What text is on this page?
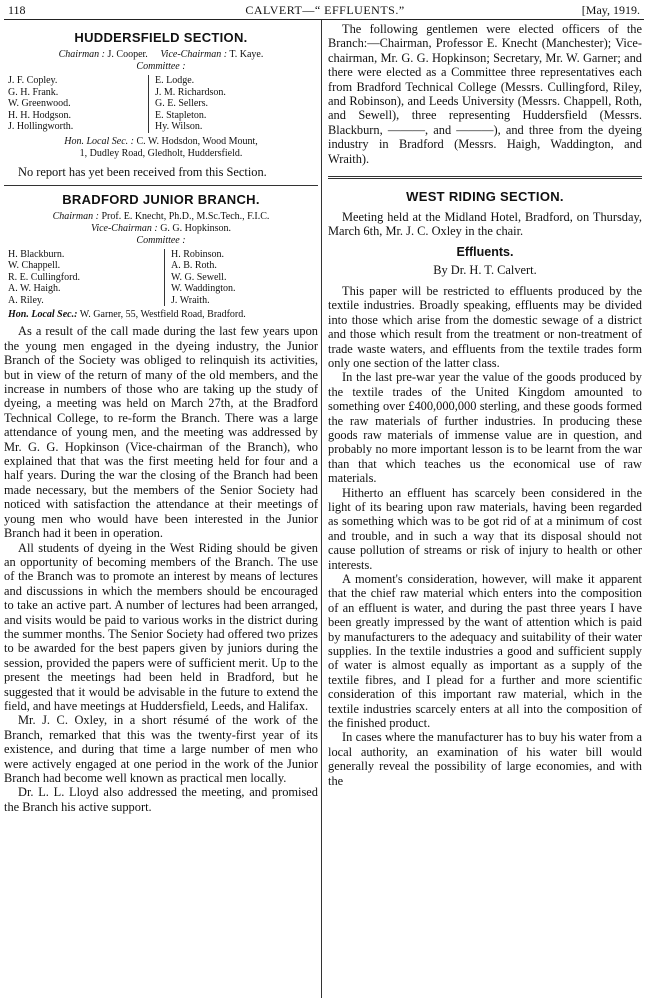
118	CALVERT—“ EFFLUENTS.”	[May, 1919.
HUDDERSFIELD SECTION.
Chairman : J. Cooper. Vice-Chairman : T. Kaye.
Committee :
J. F. Copley.
G. H. Frank.
W. Greenwood.
H. H. Hodgson.
J. Hollingworth.
E. Lodge.
J. M. Richardson.
G. E. Sellers.
E. Stapleton.
Hy. Wilson.
Hon. Local Sec. : C. W. Hodsdon, Wood Mount,
1, Dudley Road, Gledholt, Huddersfield.

No report has yet been received from this Section.

BRADFORD JUNIOR BRANCH.
Chairman : Prof. E. Knecht, Ph.D., M.Sc.Tech., F.I.C.
Vice-Chairman : G. G. Hopkinson.
Committee :
H. Blackburn.
W. Chappell.
R. E. Cullingford.
A. W. Haigh.
A. Riley.
H. Robinson.
A. B. Roth.
W. G. Sewell.
W. Waddington.
J. Wraith.
Hon. Local Sec.: W. Garner, 55, Westfield Road, Bradford.

As a result of the call made during the last few years upon the young men engaged in the dyeing industry, the Junior Branch of the Society was obliged to relinquish its activities, but in view of the return of many of the old members, and the increase in numbers of those who are taking up the study of dyeing, a meeting was held on March 27th, at the Bradford Technical College, to re-form the Branch. There was a large attendance of young men, and the meeting was addressed by Mr. G. G. Hopkinson (Vice-chairman of the Branch), who explained that that was the first meeting held for four and a half years. During the war the closing of the Branch had been made necessary, but the members of the Senior Society had noticed with satisfaction the attendance at their meetings of young men who would have been interested in the Junior Branch had it been in operation.

All students of dyeing in the West Riding should be given an opportunity of becoming members of the Branch. The use of the Branch was to promote an interest by means of lectures and discussions in which the members should be encouraged to take an active part. A number of lectures had been arranged, and visits would be paid to various works in the district during the summer months. The Senior Society had offered two prizes to be awarded for the best papers given by juniors during the session, provided the papers were of sufficient merit. Up to the present the meetings had been held in Bradford, but he suggested that it would be advisable in the future to extend the field, and have meetings at Huddersfield, Leeds, and Halifax.

Mr. J. C. Oxley, in a short résumé of the work of the Branch, remarked that this was the twenty-first year of its existence, and during that time a large number of men who were actively engaged at one period in the work of the Junior Branch had become well known as practical men locally.

Dr. L. L. Lloyd also addressed the meeting, and promised the Branch his active support.

The following gentlemen were elected officers of the Branch:—Chairman, Professor E. Knecht (Manchester); Vice-chairman, Mr. G. G. Hopkinson; Secretary, Mr. W. Garner; and there were elected as a Committee three representatives each from Bradford Technical College (Messrs. Cullingford, Riley, and Robinson), and Leeds University (Messrs. Chappell, Roth, and Sewell), three representing Huddersfield (Messrs. Blackburn, ———, and ———), and three from the dyeing industry in Bradford (Messrs. Haigh, Waddington, and Wraith).

WEST RIDING SECTION.

Meeting held at the Midland Hotel, Bradford, on Thursday, March 6th, Mr. J. C. Oxley in the chair.

Effluents.
By Dr. H. T. Calvert.

This paper will be restricted to effluents produced by the textile industries. Broadly speaking, effluents may be divided into those which arise from the domestic sewage of a district and those which result from the treatment or non-treatment of trade waste waters, and effluents from the textile trades form only one section of the latter class.

In the last pre-war year the value of the goods produced by the textile trades of the United Kingdom amounted to something over £400,000,000 sterling, and these goods formed the raw materials of further industries. In producing these goods raw materials of immense value are in question, and probably no more important lesson is to be learnt from the war than that which teaches us the economical use of raw materials.

Hitherto an effluent has scarcely been considered in the light of its bearing upon raw materials, having been regarded as something which was to be got rid of at a minimum of cost and trouble, and in such a way that its disposal should not cause pollution of streams or risk of injury to health or other interests.

A moment's consideration, however, will make it apparent that the chief raw material which enters into the composition of an effluent is water, and during the past three years I have been greatly impressed by the want of attention which is paid by manufacturers to the adequacy and suitability of their water supplies. In the textile industries a good and sufficient supply of water is almost equally as important as a supply of the textile fibres, and I plead for a further and more scientific consideration of this important raw material, which in the textile industries scarcely enters at all into the composition of the finished product.

In cases where the manufacturer has to buy his water from a local authority, an examination of his water bill would generally reveal the possibility of large economies, and with the
